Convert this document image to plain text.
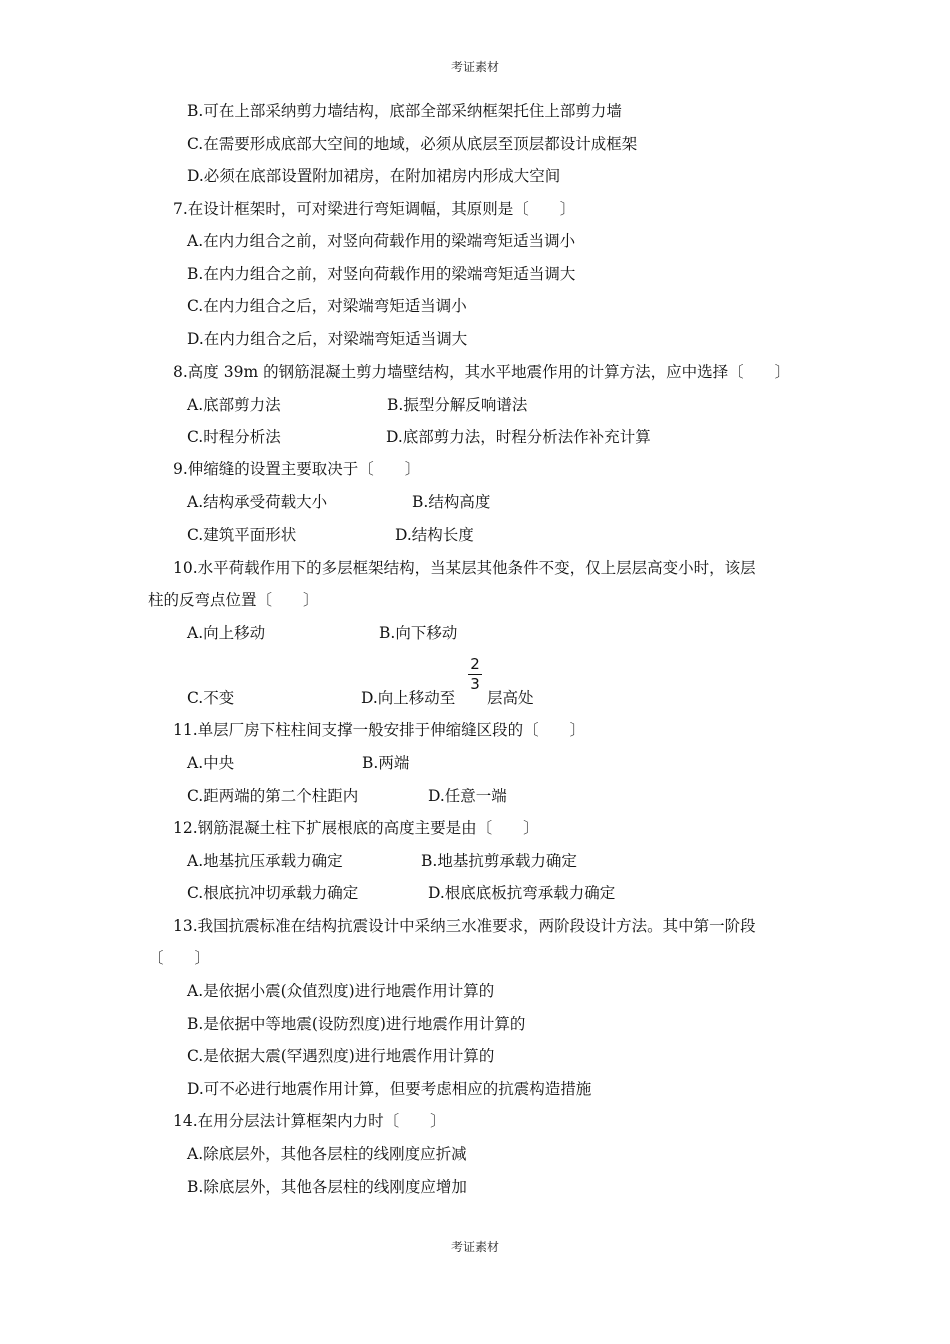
考证素材
B.可在上部采纳剪力墙结构，底部全部采纳框架托住上部剪力墙
C.在需要形成底部大空间的地域，必须从底层至顶层都设计成框架
D.必须在底部设置附加裙房，在附加裙房内形成大空间
7.在设计框架时，可对梁进行弯矩调幅，其原则是〔　　〕
A.在内力组合之前，对竖向荷载作用的梁端弯矩适当调小
B.在内力组合之前，对竖向荷载作用的梁端弯矩适当调大
C.在内力组合之后，对梁端弯矩适当调小
D.在内力组合之后，对梁端弯矩适当调大
8.高度 39m 的钢筋混凝土剪力墙壁结构，其水平地震作用的计算方法，应中选择〔　　〕
A.底部剪力法	B.振型分解反响谱法
C.时程分析法	D.底部剪力法，时程分析法作补充计算
9.伸缩缝的设置主要取决于〔　　〕
A.结构承受荷载大小	B.结构高度
C.建筑平面形状	D.结构长度
10.水平荷载作用下的多层框架结构，当某层其他条件不变，仅上层层高变小时，该层
柱的反弯点位置〔　　〕
A.向上移动	B.向下移动
C.不变	D.向上移动至
2
3
层高处
11.单层厂房下柱柱间支撑一般安排于伸缩缝区段的〔　　〕
A.中央	B.两端
C.距两端的第二个柱距内	D.任意一端
12.钢筋混凝土柱下扩展根底的高度主要是由〔　　〕
A.地基抗压承载力确定	B.地基抗剪承载力确定
C.根底抗冲切承载力确定	D.根底底板抗弯承载力确定
13.我国抗震标准在结构抗震设计中采纳三水准要求，两阶段设计方法。其中第一阶段
〔　　〕
A.是依据小震(众值烈度)进行地震作用计算的
B.是依据中等地震(设防烈度)进行地震作用计算的
C.是依据大震(罕遇烈度)进行地震作用计算的
D.可不必进行地震作用计算，但要考虑相应的抗震构造措施
14.在用分层法计算框架内力时〔　　〕
A.除底层外，其他各层柱的线刚度应折减
B.除底层外，其他各层柱的线刚度应增加
考证素材
